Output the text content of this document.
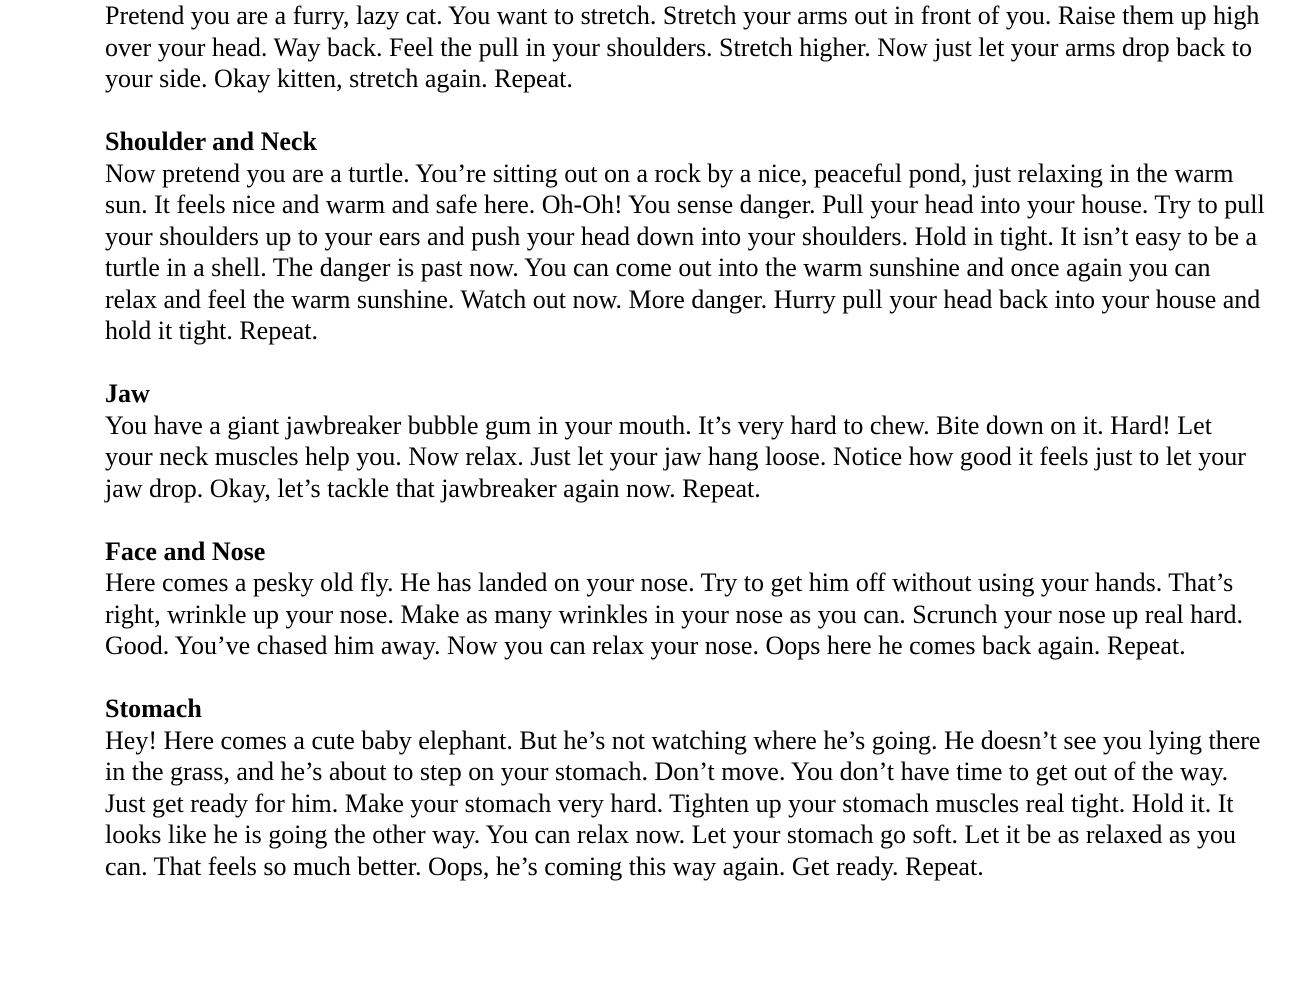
Pretend you are a furry, lazy cat. You want to stretch. Stretch your arms out in front of you. Raise them up high over your head. Way back. Feel the pull in your shoulders. Stretch higher. Now just let your arms drop back to your side. Okay kitten, stretch again. Repeat.

Shoulder and Neck

Now pretend you are a turtle. You’re sitting out on a rock by a nice, peaceful pond, just relaxing in the warm sun. It feels nice and warm and safe here. Oh-Oh! You sense danger. Pull your head into your house. Try to pull your shoulders up to your ears and push your head down into your shoulders. Hold in tight. It isn’t easy to be a turtle in a shell. The danger is past now. You can come out into the warm sunshine and once again you can relax and feel the warm sunshine. Watch out now. More danger. Hurry pull your head back into your house and hold it tight. Repeat.

Jaw

You have a giant jawbreaker bubble gum in your mouth. It’s very hard to chew. Bite down on it. Hard! Let your neck muscles help you. Now relax. Just let your jaw hang loose. Notice how good it feels just to let your jaw drop. Okay, let’s tackle that jawbreaker again now. Repeat.

Face and Nose

Here comes a pesky old fly. He has landed on your nose. Try to get him off without using your hands. That’s right, wrinkle up your nose. Make as many wrinkles in your nose as you can. Scrunch your nose up real hard. Good. You’ve chased him away. Now you can relax your nose. Oops here he comes back again. Repeat.

Stomach

Hey! Here comes a cute baby elephant. But he’s not watching where he’s going. He doesn’t see you lying there in the grass, and he’s about to step on your stomach. Don’t move. You don’t have time to get out of the way. Just get ready for him. Make your stomach very hard. Tighten up your stomach muscles real tight. Hold it. It looks like he is going the other way. You can relax now. Let your stomach go soft. Let it be as relaxed as you can. That feels so much better. Oops, he’s coming this way again. Get ready. Repeat.
